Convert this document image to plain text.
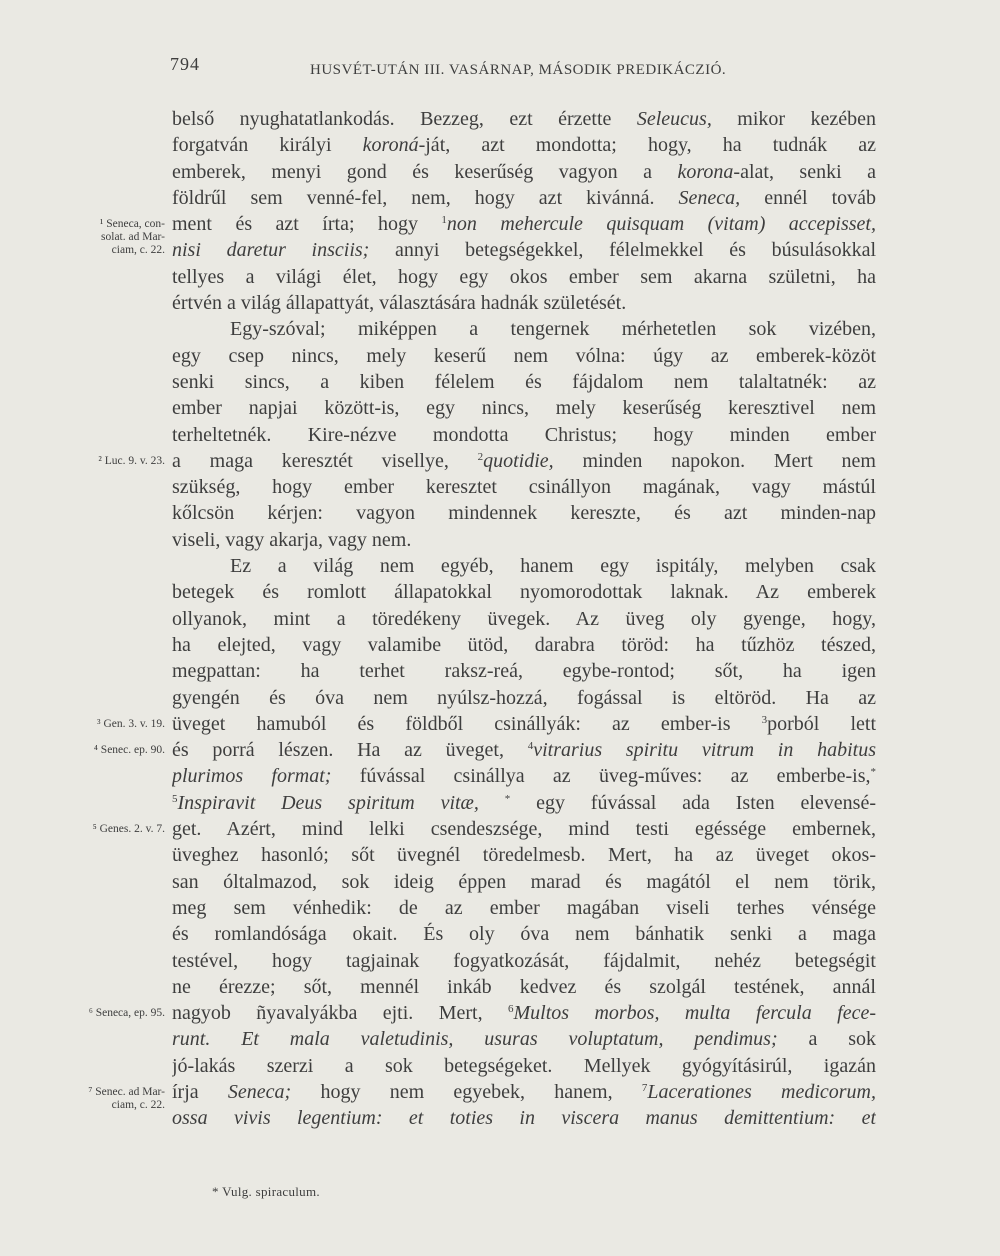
794	HUSVÉT-UTÁN III. VASÁRNAP, MÁSODIK PREDIKÁCZIÓ.
belső nyughatatlankodás. Bezzeg, ezt érzette Seleucus, mikor kezében
forgatván királyi koroná-ját, azt mondotta; hogy, ha tudnák az
emberek, menyi gond és keserűség vagyon a korona-alat, senki a
földrűl sem venné-fel, nem, hogy azt kivánná. Seneca, ennél továb
ment és azt írta; hogy $^1$non mehercule quisquam (vitam) accepisset,
nisi daretur insciis; annyi betegségekkel, félelmekkel és búsulásokkal
tellyes a világi élet, hogy egy okos ember sem akarna születni, ha
értvén a világ állapattyát, választására hadnák születését.
Egy-szóval; miképpen a tengernek mérhetetlen sok vizében,
egy csep nincs, mely keserű nem vólna: úgy az emberek-közöt
senki sincs, a kiben félelem és fájdalom nem talaltatnék: az
ember napjai között-is, egy nincs, mely keserűség keresztivel nem
terheltetnék. Kire-nézve mondotta Christus; hogy minden ember
a maga keresztét visellye, $^2$quotidie, minden napokon. Mert nem
szükség, hogy ember keresztet csinállyon magának, vagy mástúl
kőlcsön kérjen: vagyon mindennek kereszte, és azt minden-nap
viseli, vagy akarja, vagy nem.
Ez a világ nem egyéb, hanem egy ispitály, melyben csak
betegek és romlott állapatokkal nyomorodottak laknak. Az emberek
ollyanok, mint a töredékeny üvegek. Az üveg oly gyenge, hogy,
ha elejted, vagy valamibe ütöd, darabra töröd: ha tűzhöz tészed,
megpattan: ha terhet raksz-reá, egybe-rontod; sőt, ha igen
gyengén és óva nem nyúlsz-hozzá, fogással is eltöröd. Ha az
üveget hamuból és földből csinállyák: az ember-is $^3$porból lett
és porrá lészen. Ha az üveget, $^4$vitrarius spiritu vitrum in habitus
plurimos format; fúvással csinállya az üveg-műves: az emberbe-is,*
$^5$Inspiravit Deus spiritum vitæ, * egy fúvással ada Isten elevensé-
get. Azért, mind lelki csendeszsége, mind testi egéssége embernek,
üveghez hasonló; sőt üvegnél töredelmesb. Mert, ha az üveget okos-
san óltalmazod, sok ideig éppen marad és magától el nem törik,
meg sem vénhedik: de az ember magában viseli terhes vénsége
és romlandósága okait. És oly óva nem bánhatik senki a maga
testével, hogy tagjainak fogyatkozását, fájdalmit, nehéz betegségit
ne érezze; sőt, mennél inkáb kedvez és szolgál testének, annál
nagyob ñyavalyákba ejti. Mert, $^6$Multos morbos, multa fercula fece-
runt. Et mala valetudinis, usuras voluptatum, pendimus; a sok
jó-lakás szerzi a sok betegségeket. Mellyek gyógyításirúl, igazán
írja Seneca; hogy nem egyebek, hanem, $^7$Lacerationes medicorum,
ossa vivis legentium: et toties in viscera manus demittentium: et
¹ Seneca, con-
solat. ad Mar-
ciam, c. 22.
² Luc. 9. v. 23.
³ Gen. 3. v. 19.
⁴ Senec. ep. 90.
⁵ Genes. 2. v. 7.
⁶ Seneca, ep. 95.
⁷ Senec. ad Mar-
ciam, c. 22.
* Vulg. spiraculum.
